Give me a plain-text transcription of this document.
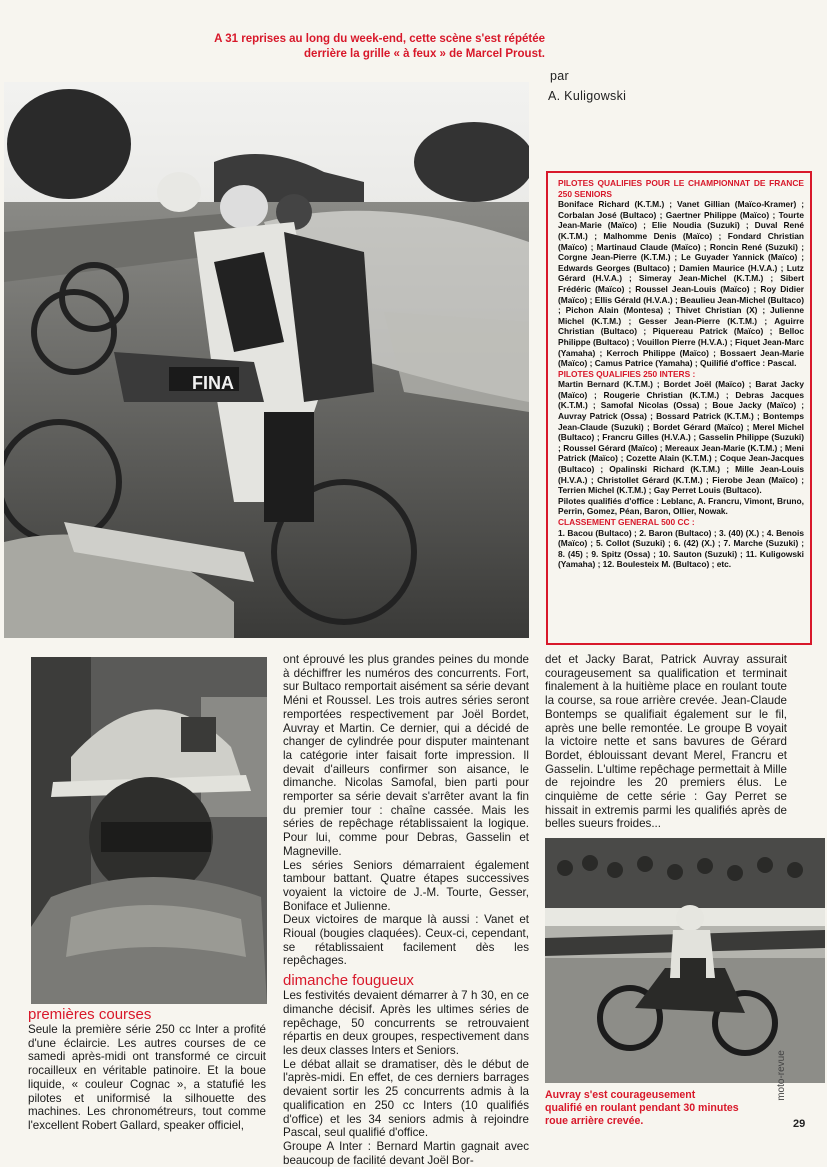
A 31 reprises au long du week-end, cette scène s'est répétée
derrière la grille « à feux » de Marcel Proust.
par
A. Kuligowski
FINA

PILOTES QUALIFIES POUR LE CHAMPIONNAT DE FRANCE 250 SENIORS

Boniface Richard (K.T.M.) ; Vanet Gillian (Maïco-Kramer) ; Corbalan José (Bultaco) ; Gaertner Philippe (Maïco) ; Tourte Jean-Marie (Maïco) ; Elie Noudia (Suzuki) ; Duval René (K.T.M.) ; Malhomme Denis (Maïco) ; Fondard Christian (Maïco) ; Martinaud Claude (Maïco) ; Roncin René (Suzuki) ; Corgne Jean-Pierre (K.T.M.) ; Le Guyader Yannick (Maïco) ; Edwards Georges (Bultaco) ; Damien Maurice (H.V.A.) ; Lutz Gérard (H.V.A.) ; Simeray Jean-Michel (K.T.M.) ; Sibert Frédéric (Maïco) ; Roussel Jean-Louis (Maïco) ; Roy Didier (Maïco) ; Ellis Gérald (H.V.A.) ; Beaulieu Jean-Michel (Bultaco) ; Pichon Alain (Montesa) ; Thivet Christian (X) ; Julienne Michel (K.T.M.) ; Gesser Jean-Pierre (K.T.M.) ; Aguirre Christian (Bultaco) ; Piquereau Patrick (Maïco) ; Belloc Philippe (Bultaco) ; Vouillon Pierre (H.V.A.) ; Fiquet Jean-Marc (Yamaha) ; Kerroch Philippe (Maïco) ; Bossaert Jean-Marie (Maïco) ; Camus Patrice (Yamaha) ; Quilifié d'office : Pascal.

PILOTES QUALIFIES 250 INTERS :

Martin Bernard (K.T.M.) ; Bordet Joël (Maïco) ; Barat Jacky (Maïco) ; Rougerie Christian (K.T.M.) ; Debras Jacques (K.T.M.) ; Samofal Nicolas (Ossa) ; Boue Jacky (Maïco) ; Auvray Patrick (Ossa) ; Bossard Patrick (K.T.M.) ; Bontemps Jean-Claude (Suzuki) ; Bordet Gérard (Maïco) ; Merel Michel (Bultaco) ; Francru Gilles (H.V.A.) ; Gasselin Philippe (Suzuki) ; Roussel Gérard (Maïco) ; Mereaux Jean-Marie (K.T.M.) ; Meni Patrick (Maïco) ; Cozette Alain (K.T.M.) ; Coque Jean-Jacques (Bultaco) ; Opalinski Richard (K.T.M.) ; Mille Jean-Louis (H.V.A.) ; Christollet Gérard (K.T.M.) ; Fierobe Jean (Maïco) ; Terrien Michel (K.T.M.) ; Gay Perret Louis (Bultaco).

Pilotes qualifiés d'office : Leblanc, A. Francru, Vimont, Bruno, Perrin, Gomez, Péan, Baron, Ollier, Nowak.

CLASSEMENT GENERAL 500 CC :

1. Bacou (Bultaco) ; 2. Baron (Bultaco) ; 3. (40) (X.) ; 4. Benois (Maïco) ; 5. Collot (Suzuki) ; 6. (42) (X.) ; 7. Marche (Suzuki) ; 8. (45) ; 9. Spitz (Ossa) ; 10. Sauton (Suzuki) ; 11. Kuligowski (Yamaha) ; 12. Boulesteix M. (Bultaco) ; etc.

premières courses

Seule la première série 250 cc Inter a profité d'une éclaircie. Les autres courses de ce samedi après-midi ont transformé ce circuit rocailleux en véritable patinoire. Et la boue liquide, « couleur Cognac », a statufié les pilotes et uniformisé la silhouette des machines. Les chronométreurs, tout comme l'excellent Robert Gallard, speaker officiel,

ont éprouvé les plus grandes peines du monde à déchiffrer les numéros des concurrents. Fort, sur Bultaco remportait aisément sa série devant Méni et Roussel. Les trois autres séries seront remportées respectivement par Joël Bordet, Auvray et Martin. Ce dernier, qui a décidé de changer de cylindrée pour disputer maintenant la catégorie inter faisait forte impression. Il devait d'ailleurs confirmer son aisance, le dimanche. Nicolas Samofal, bien parti pour remporter sa série devait s'arrêter avant la fin du premier tour : chaîne cassée. Mais les séries de repêchage rétablissaient la logique. Pour lui, comme pour Debras, Gasselin et Magneville.

Les séries Seniors démarraient également tambour battant. Quatre étapes successives voyaient la victoire de J.-M. Tourte, Gesser, Boniface et Julienne.

Deux victoires de marque là aussi : Vanet et Rioual (bougies claquées). Ceux-ci, cependant, se rétablissaient facilement dès les repêchages.

dimanche fougueux

Les festivités devaient démarrer à 7 h 30, en ce dimanche décisif. Après les ultimes séries de repêchage, 50 concurrents se retrouvaient répartis en deux groupes, respectivement dans les deux classes Inters et Seniors.

Le débat allait se dramatiser, dès le début de l'après-midi. En effet, de ces derniers barrages devaient sortir les 25 concurrents admis à la qualification en 250 cc Inters (10 qualifiés d'office) et les 34 seniors admis à rejoindre Pascal, seul qualifié d'office.

Groupe A Inter : Bernard Martin gagnait avec beaucoup de facilité devant Joël Bor-

det et Jacky Barat, Patrick Auvray assurait courageusement sa qualification et terminait finalement à la huitième place en roulant toute la course, sa roue arrière crevée. Jean-Claude Bontemps se qualifiait également sur le fil, après une belle remontée. Le groupe B voyait la victoire nette et sans bavures de Gérard Bordet, éblouissant devant Merel, Francru et Gasselin. L'ultime repêchage permettait à Mille de rejoindre les 20 premiers élus. Le cinquième de cette série : Gay Perret se hissait in extremis parmi les qualifiés après de belles sueurs froides...

Auvray s'est courageusement
qualifié en roulant pendant 30 minutes
roue arrière crevée.
moto-revue
29
